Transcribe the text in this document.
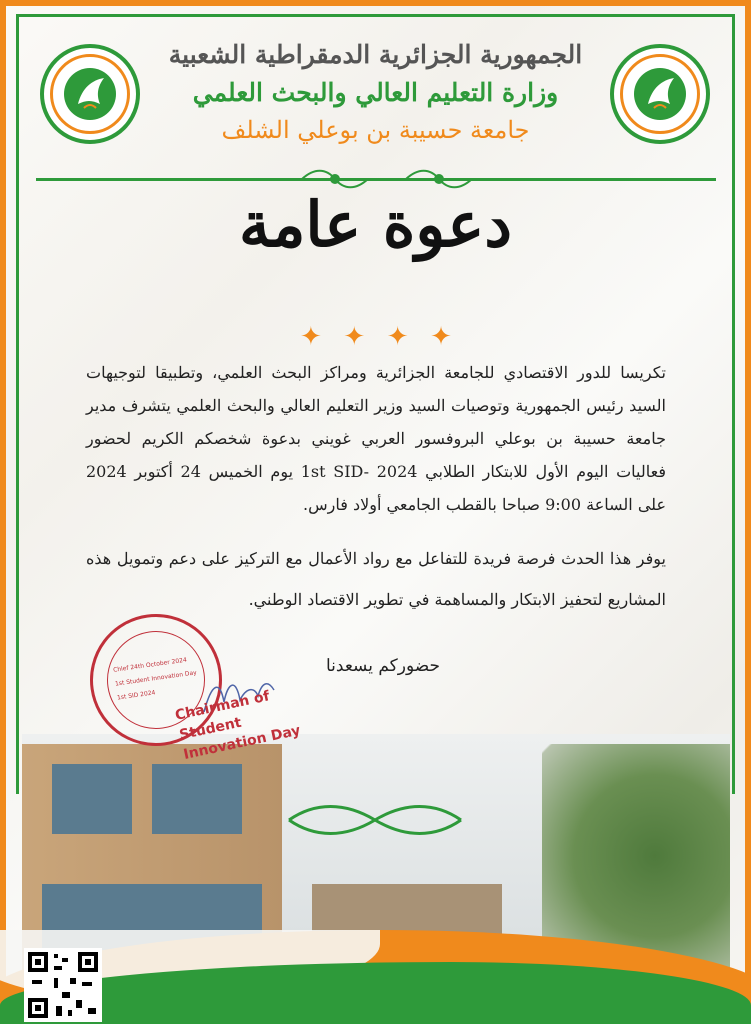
الجمهورية الجزائرية الدمقراطية الشعبية
وزارة التعليم العالي والبحث العلمي
جامعة حسيبة بن بوعلي الشلف
دعوة عامة
✦ ✦ ✦ ✦
تكريسا للدور الاقتصادي للجامعة الجزائرية ومراكز البحث العلمي، وتطبيقا لتوجيهات السيد رئيس الجمهورية وتوصيات السيد وزير التعليم العالي والبحث العلمي يتشرف مدير جامعة حسيبة بن بوعلي البروفسور العربي غويني بدعوة شخصكم الكريم لحضور فعاليات اليوم الأول للابتكار الطلابي 1st SID- 2024 يوم الخميس 24 أكتوبر 2024 على الساعة 9:00 صباحا بالقطب الجامعي أولاد فارس.
يوفر هذا الحدث فرصة فريدة للتفاعل مع رواد الأعمال مع التركيز على دعم وتمويل هذه المشاريع لتحفيز الابتكار والمساهمة في تطوير الاقتصاد الوطني.
حضوركم يسعدنا
Chlef 24th October 2024
1st Student Innovation Day
1st SID 2024	Chairman of Student Innovation Day
